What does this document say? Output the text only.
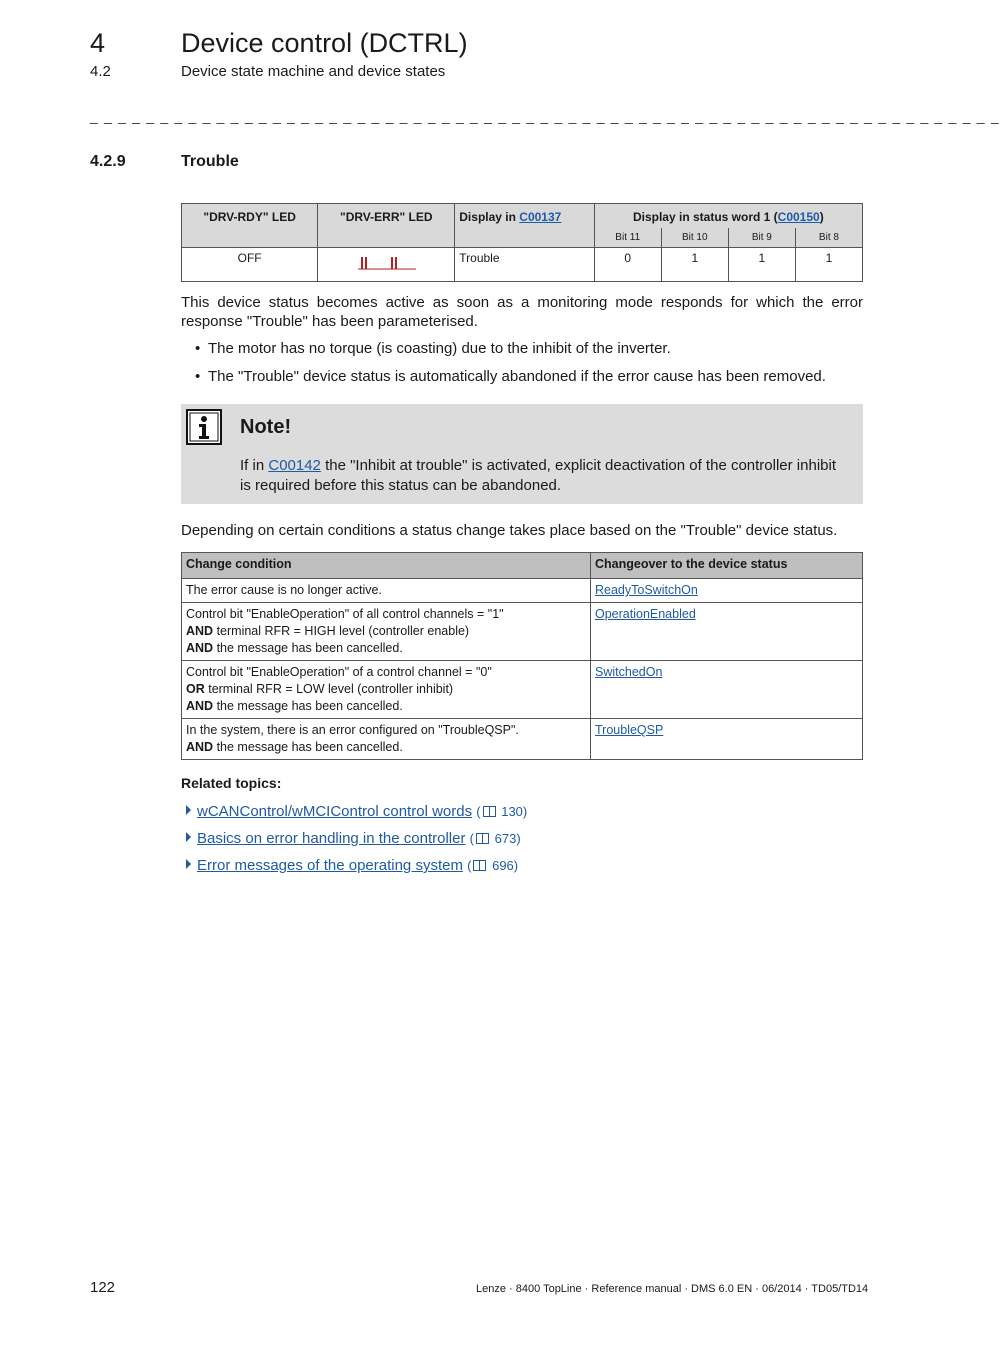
4	Device control (DCTRL)
4.2	Device state machine and device states
_ _ _ _ _ _ _ _ _ _ _ _ _ _ _ _ _ _ _ _ _ _ _ _ _ _ _ _ _ _ _ _ _ _ _ _ _ _ _ _ _ _ _ _ _ _ _ _ _ _ _ _ _ _ _ _ _ _ _ _ _ _ _ _ _
4.2.9	Trouble
"DRV-RDY" LED	"DRV-ERR" LED	Display in C00137	Display in status word 1 (C00150)			
			Bit 11	Bit 10	Bit 9	Bit 8
OFF		Trouble	0	1	1	1
This device status becomes active as soon as a monitoring mode responds for which the error response "Trouble" has been parameterised.
• The motor has no torque (is coasting) due to the inhibit of the inverter.
• The "Trouble" device status is automatically abandoned if the error cause has been removed.
Note!
If in C00142 the "Inhibit at trouble" is activated, explicit deactivation of the controller inhibit is required before this status can be abandoned.
Depending on certain conditions a status change takes place based on the "Trouble" device status.
Change condition	Changeover to the device status

The error cause is no longer active.	ReadyToSwitchOn

Control bit "EnableOperation" of all control channels = "1"
AND terminal RFR = HIGH level (controller enable)
AND the message has been cancelled.	OperationEnabled

Control bit "EnableOperation" of a control channel = "0"
OR terminal RFR = LOW level (controller inhibit)
AND the message has been cancelled.	SwitchedOn

In the system, there is an error configured on "TroubleQSP".
AND the message has been cancelled.	TroubleQSP
Related topics:
wCANControl/wMCIControl control words ( 130)
Basics on error handling in the controller ( 673)
Error messages of the operating system ( 696)
122	Lenze · 8400 TopLine · Reference manual · DMS 6.0 EN · 06/2014 · TD05/TD14
